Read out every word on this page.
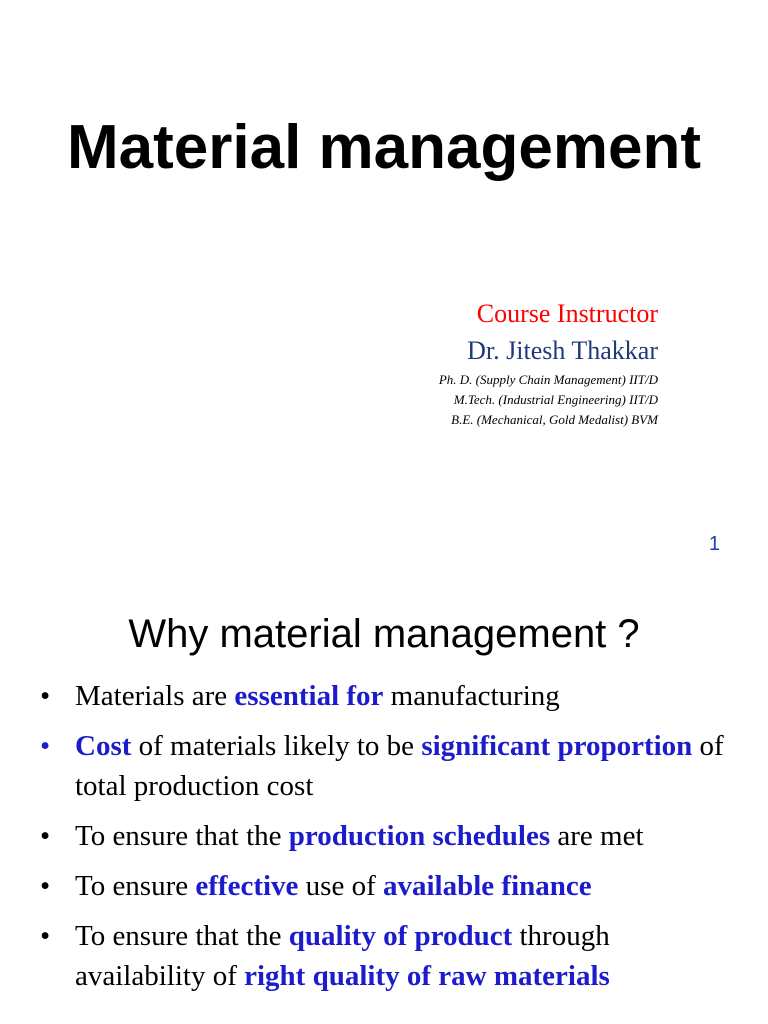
Material management
Course Instructor
Dr. Jitesh Thakkar
Ph. D. (Supply Chain Management) IIT/D
M.Tech. (Industrial Engineering) IIT/D
B.E. (Mechanical, Gold Medalist) BVM
1
Why material management ?
• Materials are essential for manufacturing
• Cost of materials likely to be significant proportion of total production cost
• To ensure that the production schedules are met
• To ensure effective use of available finance
• To ensure that the quality of product through availability of right quality of raw materials
